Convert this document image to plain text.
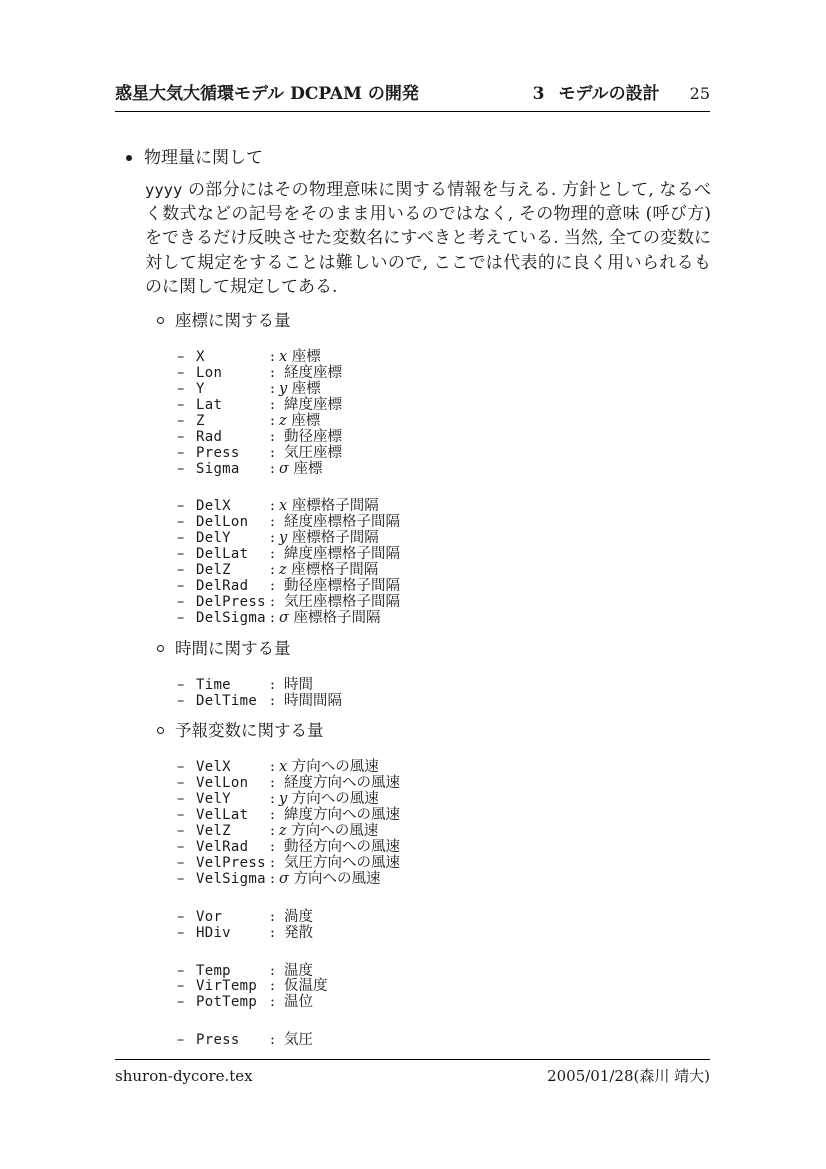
惑星大気大循環モデル DCPAM の開発	3 モデルの設計 25
物理量に関して

yyyy の部分にはその物理意味に関する情報を与える. 方針として, なるべく数式などの記号をそのまま用いるのではなく, その物理的意味 (呼び方) をできるだけ反映させた変数名にすべきと考えている. 当然, 全ての変数に対して規定をすることは難しいので, ここでは代表的に良く用いられるものに関して規定してある.

座標に関する量
– X	: x 座標
– Lon	: 経度座標
– Y	: y 座標
– Lat	: 緯度座標
– Z	: z 座標
– Rad	: 動径座標
– Press	: 気圧座標
– Sigma	: σ 座標
– DelX	: x 座標格子間隔
– DelLon	: 経度座標格子間隔
– DelY	: y 座標格子間隔
– DelLat	: 緯度座標格子間隔
– DelZ	: z 座標格子間隔
– DelRad	: 動径座標格子間隔
– DelPress : 気圧座標格子間隔
– DelSigma : σ 座標格子間隔
時間に関する量
– Time	: 時間
– DelTime : 時間間隔
予報変数に関する量
– VelX	: x 方向への風速
– VelLon	: 経度方向への風速
– VelY	: y 方向への風速
– VelLat	: 緯度方向への風速
– VelZ	: z 方向への風速
– VelRad	: 動径方向への風速
– VelPress : 気圧方向への風速
– VelSigma : σ 方向への風速
– Vor	: 渦度
– HDiv	: 発散
– Temp	: 温度
– VirTemp : 仮温度
– PotTemp : 温位
– Press	: 気圧
shuron-dycore.tex	2005/01/28(森川 靖大)
